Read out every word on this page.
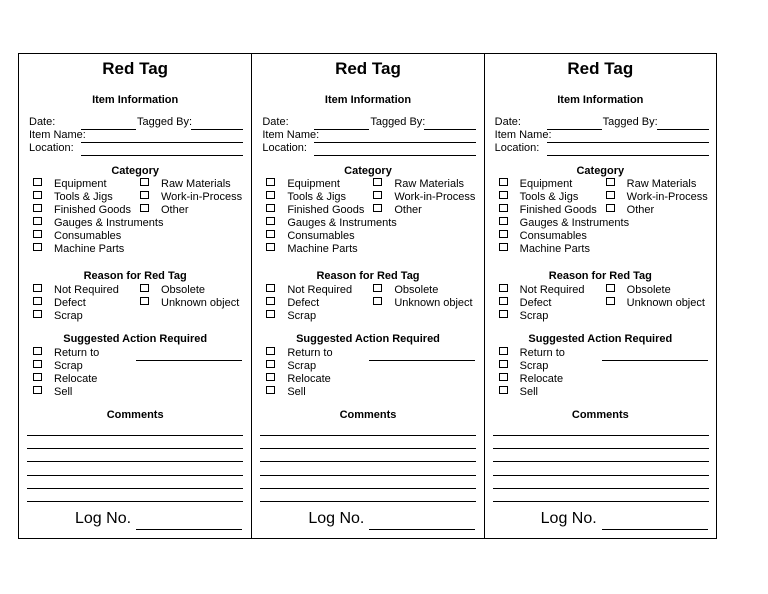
Red Tag
Item Information
Date:	Tagged By:
Item Name:
Location:
Category
Equipment	Raw Materials
Tools & Jigs	Work-in-Process
Finished Goods	Other
Gauges & Instruments
Consumables
Machine Parts
Reason for Red Tag
Not Required	Obsolete
Defect	Unknown object
Scrap
Suggested Action Required
Return to
Scrap
Relocate
Sell
Comments
Log No.
Red Tag
Item Information
Date:	Tagged By:
Item Name:
Location:
Category
Equipment	Raw Materials
Tools & Jigs	Work-in-Process
Finished Goods	Other
Gauges & Instruments
Consumables
Machine Parts
Reason for Red Tag
Not Required	Obsolete
Defect	Unknown object
Scrap
Suggested Action Required
Return to
Scrap
Relocate
Sell
Comments
Log No.
Red Tag
Item Information
Date:	Tagged By:
Item Name:
Location:
Category
Equipment	Raw Materials
Tools & Jigs	Work-in-Process
Finished Goods	Other
Gauges & Instruments
Consumables
Machine Parts
Reason for Red Tag
Not Required	Obsolete
Defect	Unknown object
Scrap
Suggested Action Required
Return to
Scrap
Relocate
Sell
Comments
Log No.
